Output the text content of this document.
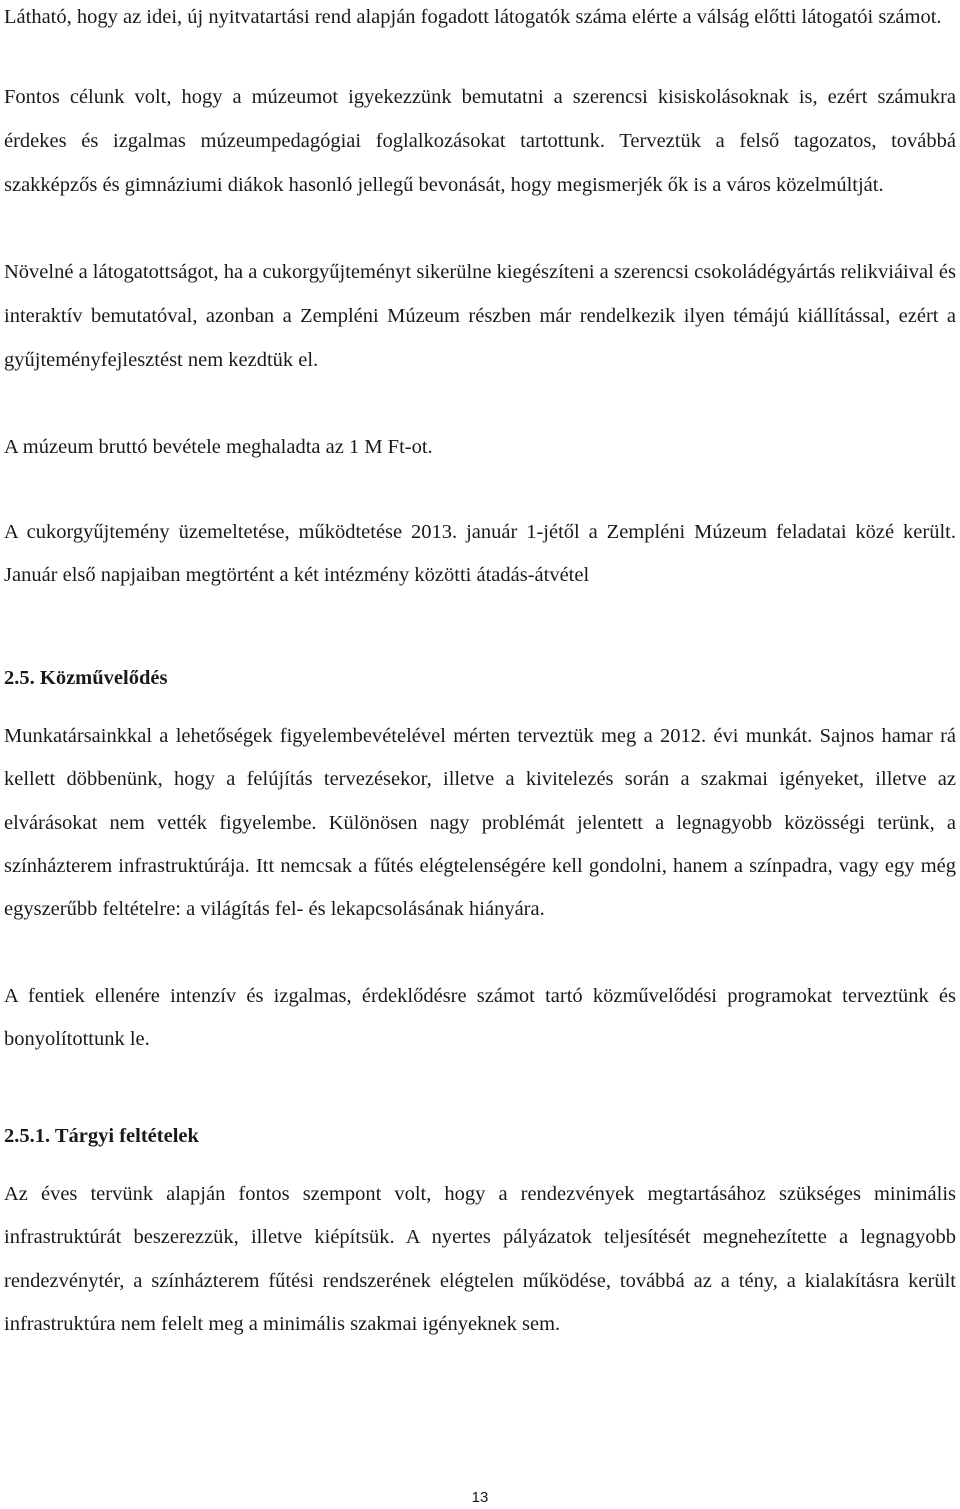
Látható, hogy az idei, új nyitvatartási rend alapján fogadott látogatók száma elérte a válság előtti látogatói számot.

Fontos célunk volt, hogy a múzeumot igyekezzünk bemutatni a szerencsi kisiskolásoknak is, ezért számukra érdekes és izgalmas múzeumpedagógiai foglalkozásokat tartottunk. Terveztük a felső tagozatos, továbbá szakképzős és gimnáziumi diákok hasonló jellegű bevonását, hogy megismerjék ők is a város közelmúltját.

Növelné a látogatottságot, ha a cukorgyűjteményt sikerülne kiegészíteni a szerencsi csokoládégyártás relikviáival és interaktív bemutatóval, azonban a Zempléni Múzeum részben már rendelkezik ilyen témájú kiállítással, ezért a gyűjteményfejlesztést nem kezdtük el.

A múzeum bruttó bevétele meghaladta az 1 M Ft-ot.

A cukorgyűjtemény üzemeltetése, működtetése 2013. január 1-jétől a Zempléni Múzeum feladatai közé került. Január első napjaiban megtörtént a két intézmény közötti átadás-átvétel

2.5. Közművelődés

Munkatársainkkal a lehetőségek figyelembevételével mérten terveztük meg a 2012. évi munkát. Sajnos hamar rá kellett döbbenünk, hogy a felújítás tervezésekor, illetve a kivitelezés során a szakmai igényeket, illetve az elvárásokat nem vették figyelembe. Különösen nagy problémát jelentett a legnagyobb közösségi terünk, a színházterem infrastruktúrája. Itt nemcsak a fűtés elégtelenségére kell gondolni, hanem a színpadra, vagy egy még egyszerűbb feltételre: a világítás fel- és lekapcsolásának hiányára.

A fentiek ellenére intenzív és izgalmas, érdeklődésre számot tartó közművelődési programokat terveztünk és bonyolítottunk le.

2.5.1. Tárgyi feltételek

Az éves tervünk alapján fontos szempont volt, hogy a rendezvények megtartásához szükséges minimális infrastruktúrát beszerezzük, illetve kiépítsük. A nyertes pályázatok teljesítését megnehezítette a legnagyobb rendezvénytér, a színházterem fűtési rendszerének elégtelen működése, továbbá az a tény, a kialakításra került infrastruktúra nem felelt meg a minimális szakmai igényeknek sem.

13
